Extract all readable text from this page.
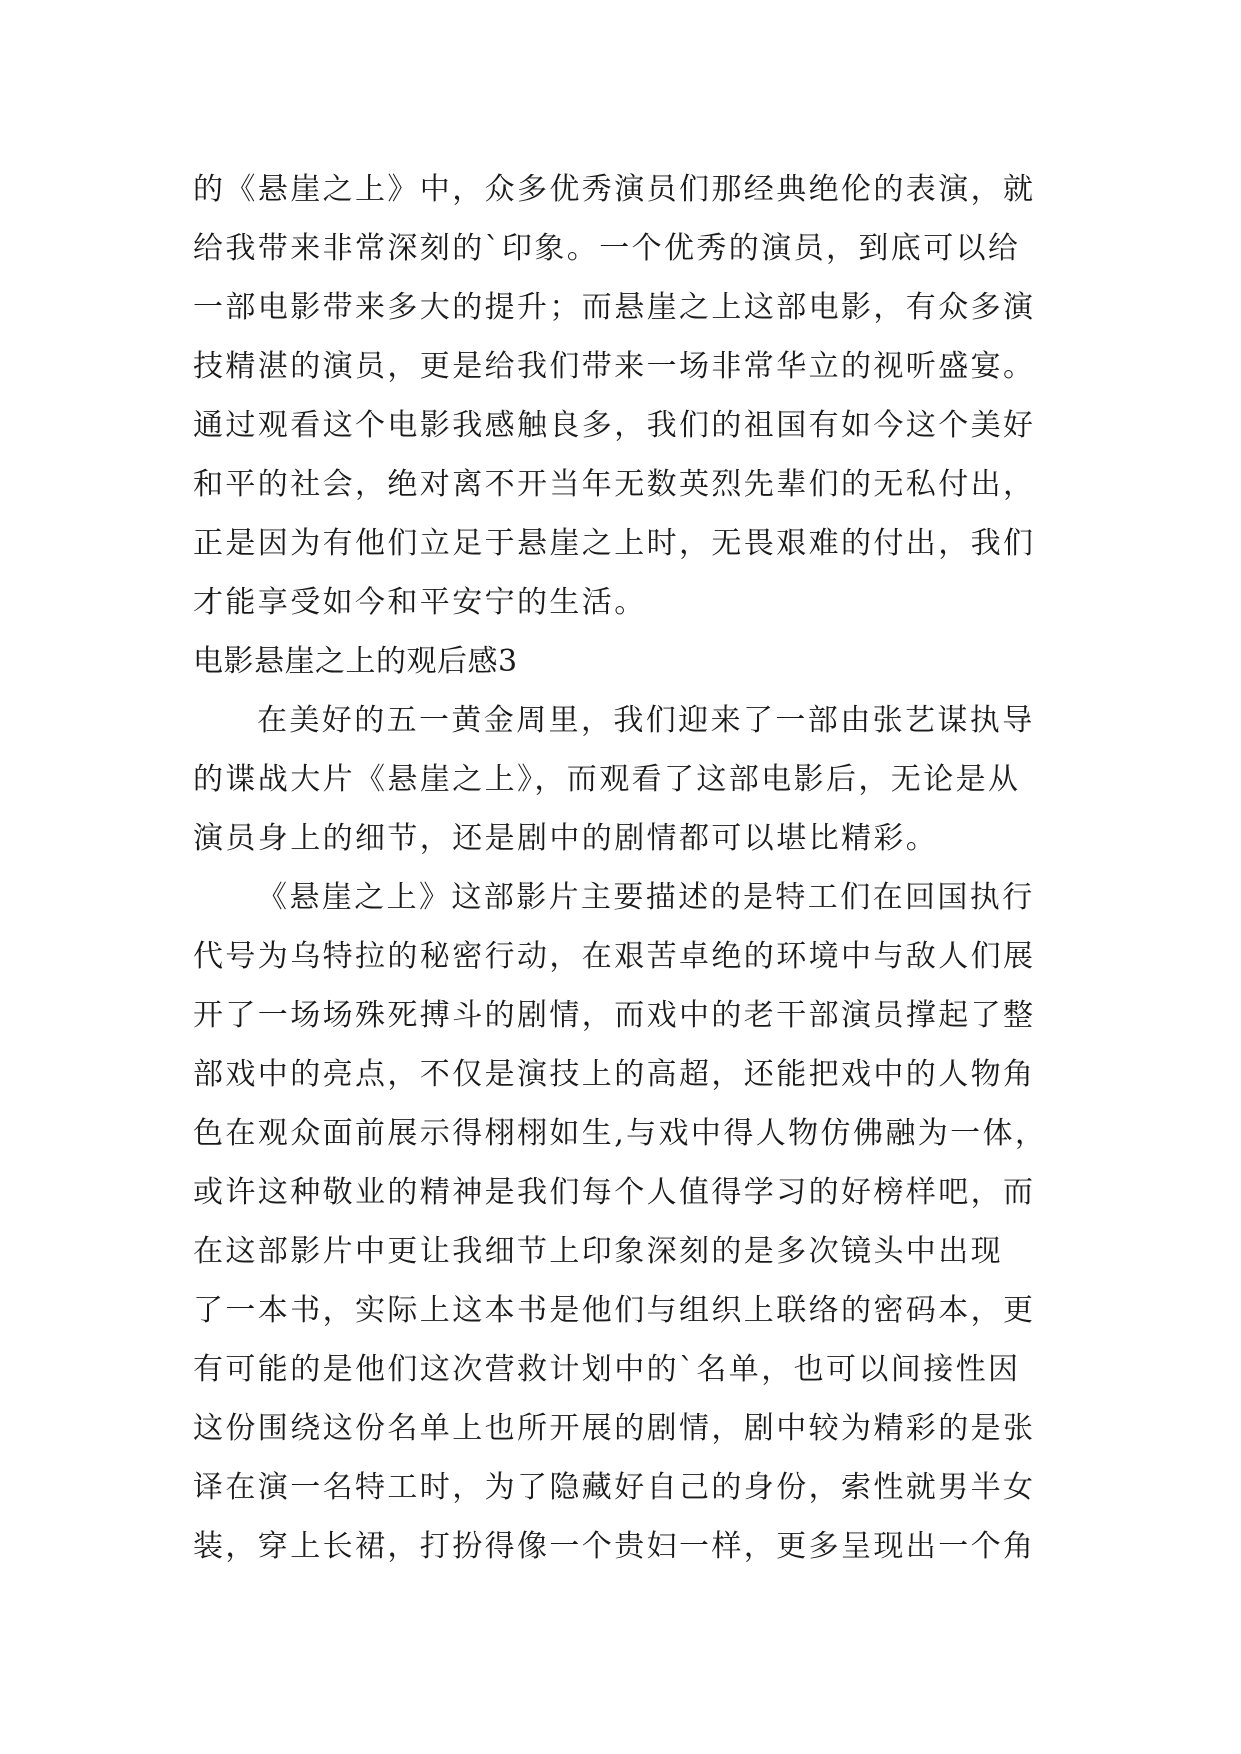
的《悬崖之上》中，众多优秀演员们那经典绝伦的表演，就
给我带来非常深刻的`印象。一个优秀的演员，到底可以给
一部电影带来多大的提升；而悬崖之上这部电影，有众多演
技精湛的演员，更是给我们带来一场非常华立的视听盛宴。
通过观看这个电影我感触良多，我们的祖国有如今这个美好
和平的社会，绝对离不开当年无数英烈先辈们的无私付出，
正是因为有他们立足于悬崖之上时，无畏艰难的付出，我们
才能享受如今和平安宁的生活。
电影悬崖之上的观后感3
在美好的五一黄金周里，我们迎来了一部由张艺谋执导
的谍战大片《悬崖之上》，而观看了这部电影后，无论是从
演员身上的细节，还是剧中的剧情都可以堪比精彩。
《悬崖之上》这部影片主要描述的是特工们在回国执行
代号为乌特拉的秘密行动，在艰苦卓绝的环境中与敌人们展
开了一场场殊死搏斗的剧情，而戏中的老干部演员撑起了整
部戏中的亮点，不仅是演技上的高超，还能把戏中的人物角
色在观众面前展示得栩栩如生,与戏中得人物仿佛融为一体，
或许这种敬业的精神是我们每个人值得学习的好榜样吧，而
在这部影片中更让我细节上印象深刻的是多次镜头中出现
了一本书，实际上这本书是他们与组织上联络的密码本，更
有可能的是他们这次营救计划中的`名单，也可以间接性因
这份围绕这份名单上也所开展的剧情，剧中较为精彩的是张
译在演一名特工时，为了隐藏好自己的身份，索性就男半女
装，穿上长裙，打扮得像一个贵妇一样，更多呈现出一个角
